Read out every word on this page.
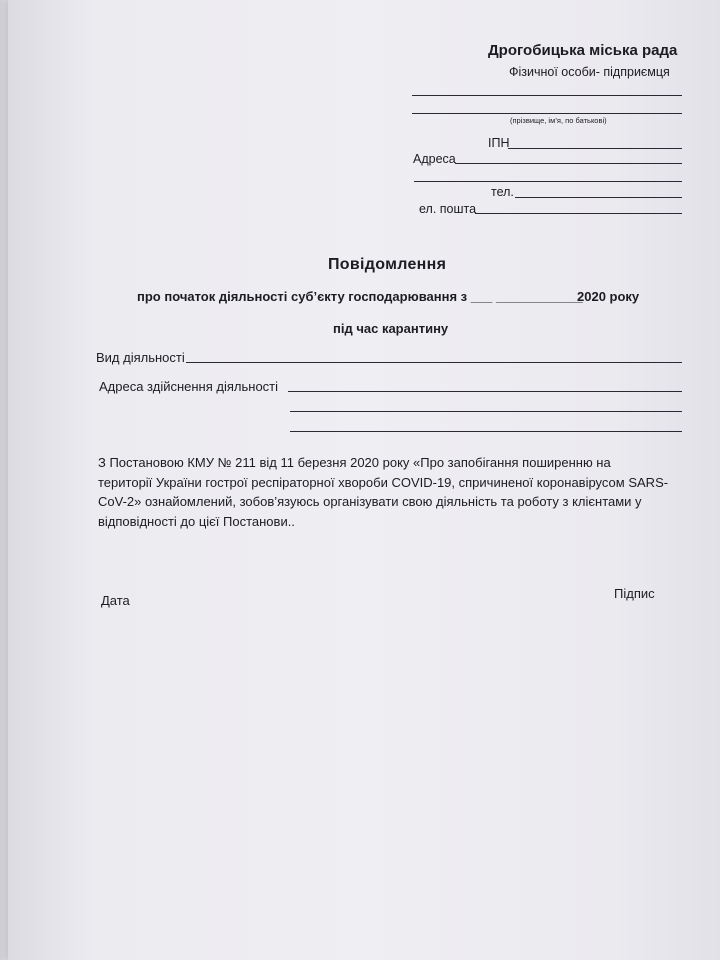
Дрогобицька міська рада
Фізичної особи- підприємця
(прізвище, ім’я, по батькові)
ІПН
Адреса
тел.
ел. пошта
Повідомлення
про початок діяльності суб’єкту господарювання з ___ ____________
2020 року
під час карантину
Вид діяльності
Адреса здійснення діяльності
З Постановою КМУ № 211 від 11 березня 2020 року «Про запобігання поширенню на
території України гострої респіраторної хвороби COVID-19, спричиненої коронавірусом SARS-
CoV-2» ознайомлений, зобов’язуюсь організувати свою діяльність та роботу з клієнтами у
відповідності до цієї Постанови..
Дата	Підпис
